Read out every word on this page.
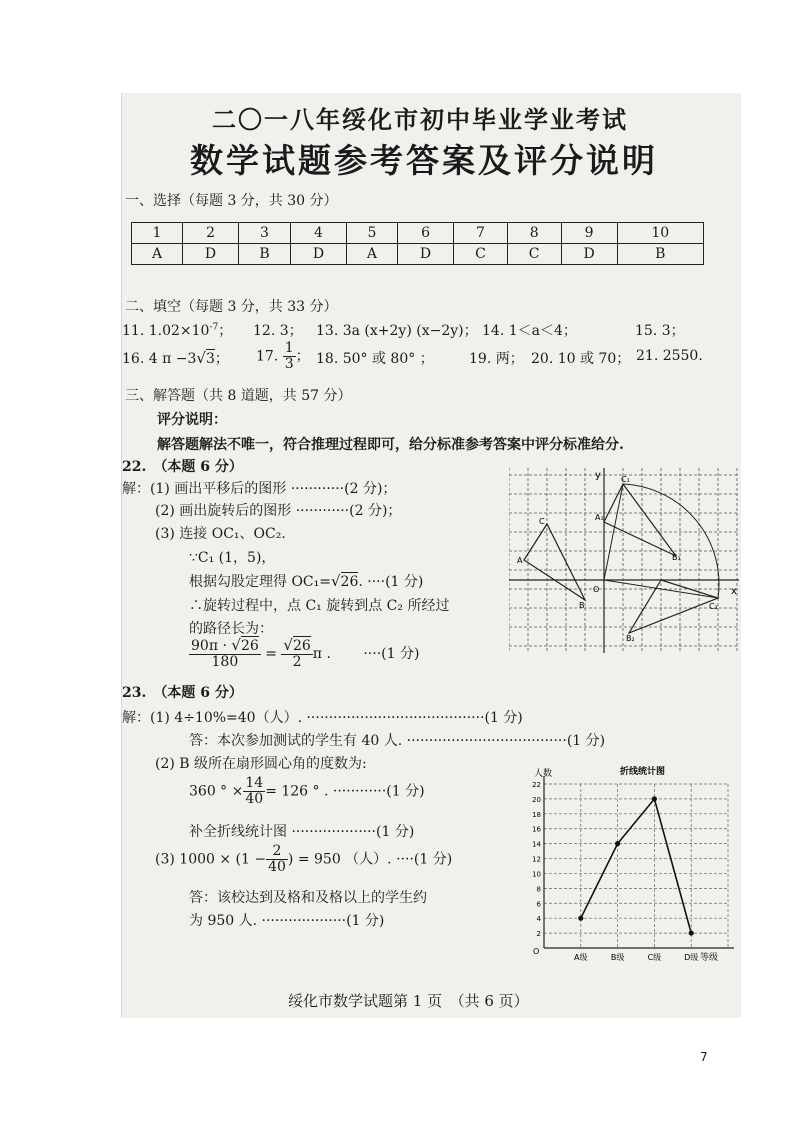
二〇一八年绥化市初中毕业学业考试
数学试题参考答案及评分说明
一、选择（每题 3 分，共 30 分）
1	2	3	4	5	6	7	8	9	10
A	D	B	D	A	D	C	C	D	B
二、填空（每题 3 分，共 33 分）
11. $1.02\times 10^{-7}$； 12. 3； 13. 3a (x+2y) (x−2y)； 14. 1＜a＜4；	15. 3；
16. 4 π −3√3； 17. $\frac{1}{3}$ ； 18. 50° 或 80° ；	19. 两； 20. 10 或 70； 21. 2550.
三、解答题（共 8 道题，共 57 分）
评分说明：
解答题解法不唯一，符合推理过程即可，给分标准参考答案中评分标准给分.
22.　（本题 6 分）
解：(1) 画出平移后的图形 ············(2 分)；
(2) 画出旋转后的图形 ············(2 分)；
(3) 连接 OC₁、OC₂.
∵C₁ (1，5)，
根据勾股定理得 OC₁=√26. ····(1 分)
∴旋转过程中，点 C₁ 旋转到点 C₂ 所经过
的路径长为：
$\frac{90\pi \cdot √26}{180} = \frac{√26}{2}$ π . ····(1 分)
x
y
O
C₁
C	A₁
A
B
B₁
C₂
B₂
23.　（本题 6 分）
解：(1) 4÷10%=40（人）. ········································(1 分)
答：本次参加测试的学生有 40 人. ····································(1 分)
(2) B 级所在扇形圆心角的度数为:
360 ° × $\frac{14}{40} = 126$ ° . ············(1 分)
补全折线统计图 ···················(1 分)
(3) $1000 \times (1 - \frac{2}{40}$ ) = 950 （人）. ····(1 分)
答：该校达到及格和及格以上的学生约
为 950 人. ···················(1 分)
折线统计图
人数
等级
O
2
4
6
8
10
12
14
16
18
20
22
A级	B级	C级	D级
绥化市数学试题第 1 页　（共 6 页）
7
